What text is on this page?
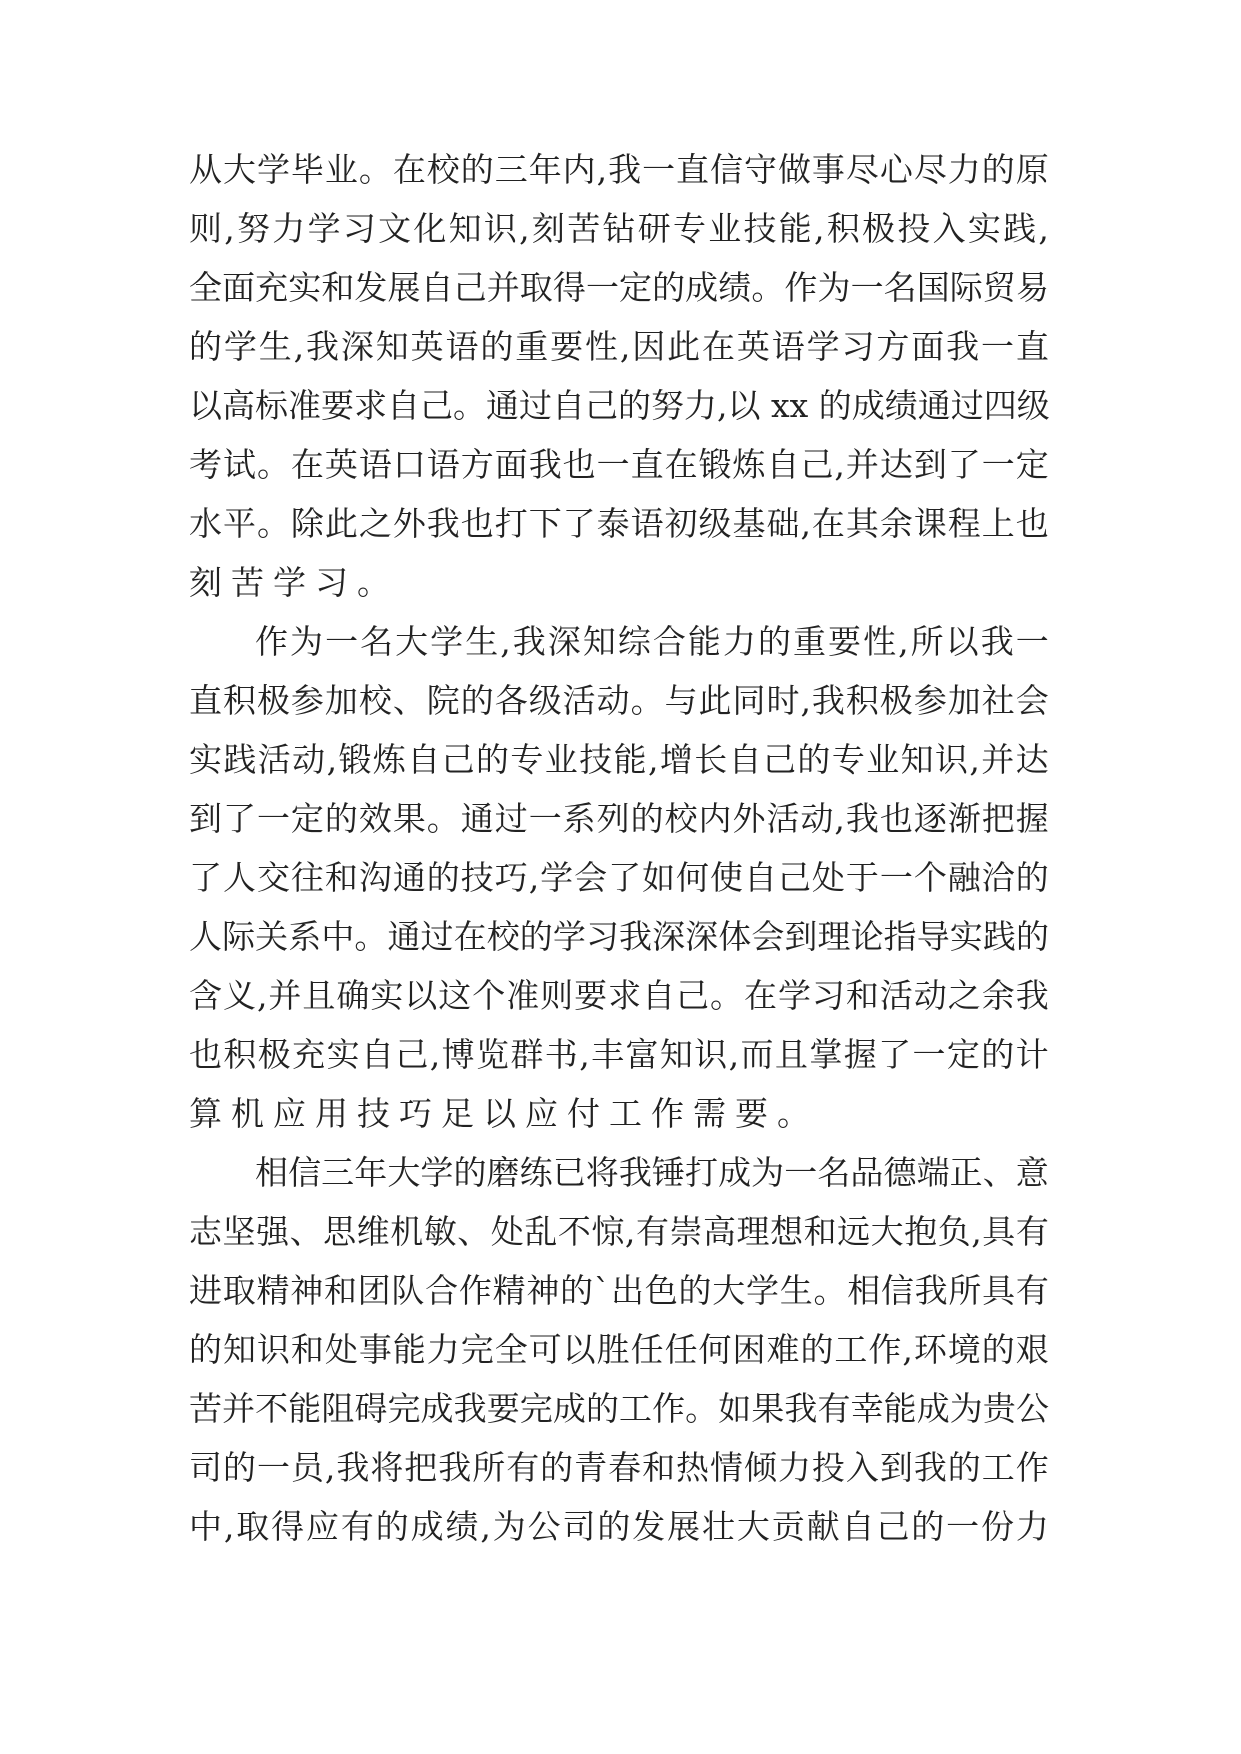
从 大 学 毕 业 。 在 校 的 三 年 内 , 我 一 直 信 守 做 事 尽 心 尽 力 的 原
则 , 努 力 学 习 文 化 知 识 , 刻 苦 钻 研 专 业 技 能 , 积 极 投 入 实 践 ,
全 面 充 实 和 发 展 自 己 并 取 得 一 定 的 成 绩 。 作 为 一 名 国 际 贸 易
的 学 生 , 我 深 知 英 语 的 重 要 性 , 因 此 在 英 语 学 习 方 面 我 一 直
以 高 标 准 要 求 自 己 。 通 过 自 己 的 努 力 , 以
x x
的 成 绩 通 过 四 级
考 试 。 在 英 语 口 语 方 面 我 也 一 直 在 锻 炼 自 己 , 并 达 到 了 一 定
水 平 。 除 此 之 外 我 也 打 下 了 泰 语 初 级 基 础 , 在 其 余 课 程 上 也
刻苦学习。
作 为 一 名 大 学 生 , 我 深 知 综 合 能 力 的 重 要 性 , 所 以 我 一
直 积 极 参 加 校 、 院 的 各 级 活 动 。 与 此 同 时 , 我 积 极 参 加 社 会
实 践 活 动 , 锻 炼 自 己 的 专 业 技 能 , 增 长 自 己 的 专 业 知 识 , 并 达
到 了 一 定 的 效 果 。 通 过 一 系 列 的 校 内 外 活 动 , 我 也 逐 渐 把 握
了 人 交 往 和 沟 通 的 技 巧 , 学 会 了 如 何 使 自 己 处 于 一 个 融 洽 的
人 际 关 系 中 。 通 过 在 校 的 学 习 我 深 深 体 会 到 理 论 指 导 实 践 的
含 义 , 并 且 确 实 以 这 个 准 则 要 求 自 己 。 在 学 习 和 活 动 之 余 我
也 积 极 充 实 自 己 , 博 览 群 书 , 丰 富 知 识 , 而 且 掌 握 了 一 定 的 计
算机应用技巧足以应付工作需要。
相 信 三 年 大 学 的 磨 练 已 将 我 锤 打 成 为 一 名 品 德 端 正 、 意
志 坚 强 、 思 维 机 敏 、 处 乱 不 惊 , 有 崇 高 理 想 和 远 大 抱 负 , 具 有
进 取 精 神 和 团 队 合 作 精 神 的 ` 出 色 的 大 学 生 。 相 信 我 所 具 有
的 知 识 和 处 事 能 力 完 全 可 以 胜 任 任 何 困 难 的 工 作 , 环 境 的 艰
苦 并 不 能 阻 碍 完 成 我 要 完 成 的 工 作 。 如 果 我 有 幸 能 成 为 贵 公
司 的 一 员 , 我 将 把 我 所 有 的 青 春 和 热 情 倾 力 投 入 到 我 的 工 作
中 , 取 得 应 有 的 成 绩 , 为 公 司 的 发 展 壮 大 贡 献 自 己 的 一 份 力
